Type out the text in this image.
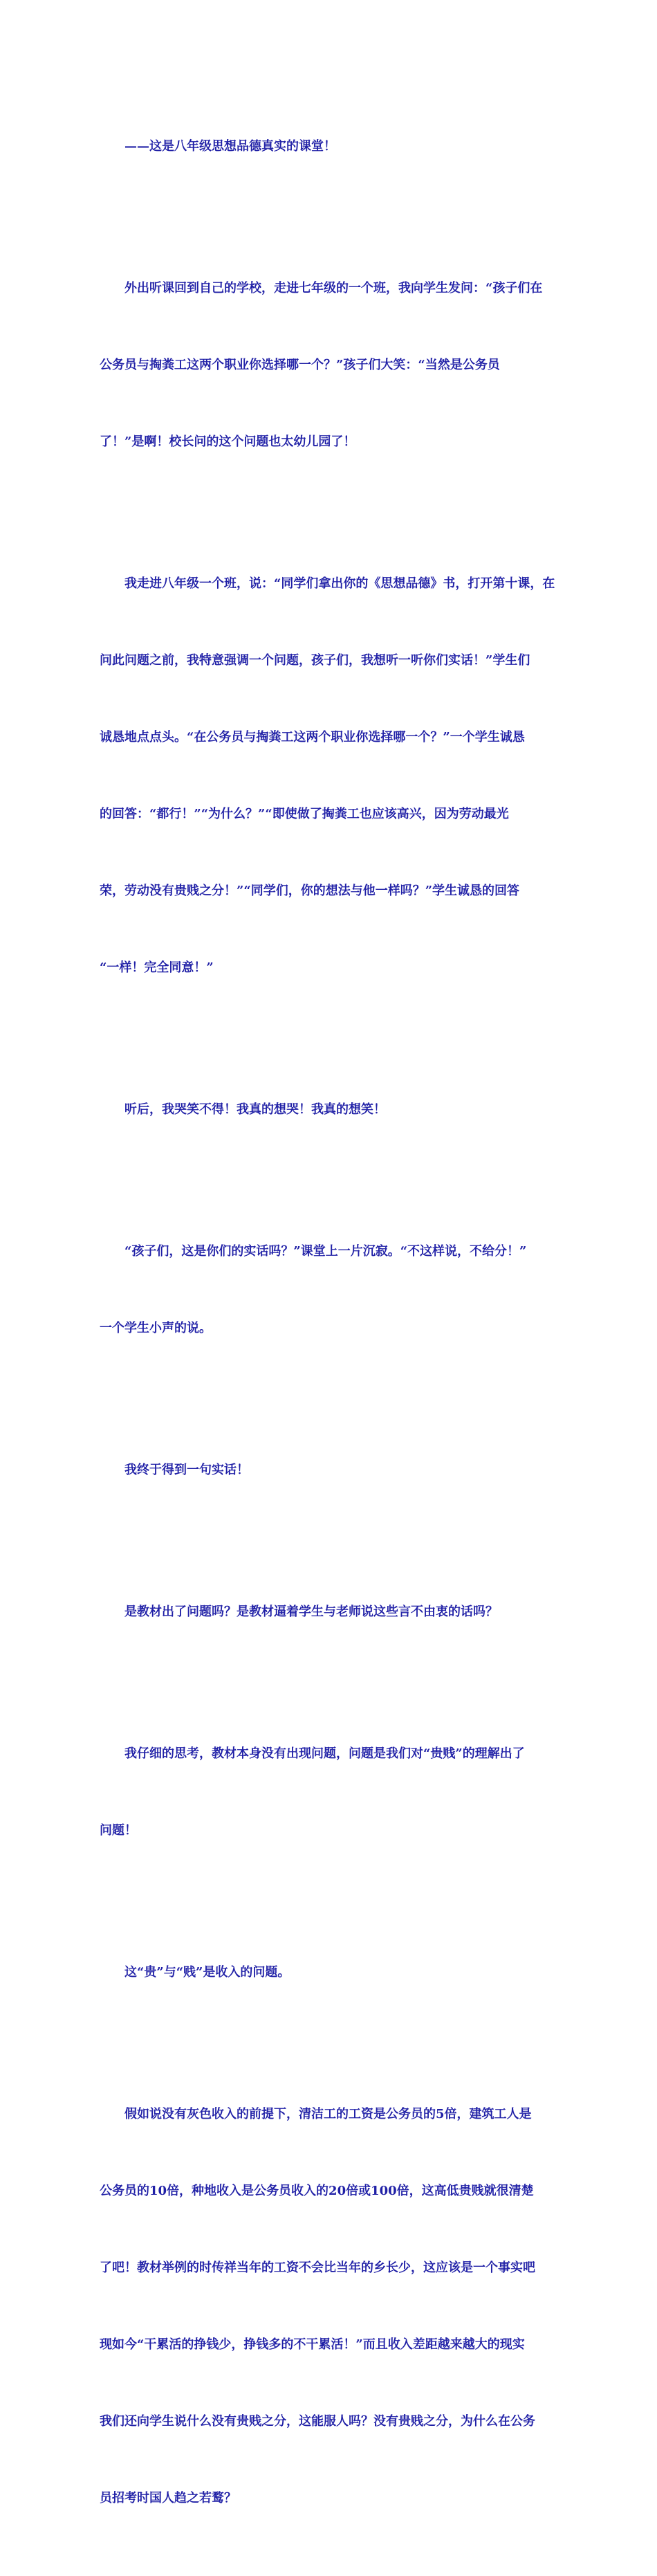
——这是八年级思想品德真实的课堂！

外出听课回到自己的学校，走进七年级的一个班，我向学生发问：“孩子们在

公务员与掏粪工这两个职业你选择哪一个？”孩子们大笑：“当然是公务员

了！”是啊！校长问的这个问题也太幼儿园了！

我走进八年级一个班，说：“同学们拿出你的《思想品德》书，打开第十课，在

问此问题之前，我特意强调一个问题，孩子们，我想听一听你们实话！”学生们

诚恳地点点头。“在公务员与掏粪工这两个职业你选择哪一个？”一个学生诚恳

的回答：“都行！”“为什么？”“即使做了掏粪工也应该高兴，因为劳动最光

荣，劳动没有贵贱之分！”“同学们，你的想法与他一样吗？”学生诚恳的回答

“一样！完全同意！”

听后，我哭笑不得！我真的想哭！我真的想笑！

“孩子们，这是你们的实话吗？”课堂上一片沉寂。“不这样说，不给分！”

一个学生小声的说。

我终于得到一句实话！

是教材出了问题吗？是教材逼着学生与老师说这些言不由衷的话吗？

我仔细的思考，教材本身没有出现问题，问题是我们对“贵贱”的理解出了

问题！

这“贵”与“贱”是收入的问题。

假如说没有灰色收入的前提下，清洁工的工资是公务员的5倍，建筑工人是

公务员的10倍，种地收入是公务员收入的20倍或100倍，这高低贵贱就很清楚

了吧！教材举例的时传祥当年的工资不会比当年的乡长少，这应该是一个事实吧

现如今“干累活的挣钱少，挣钱多的不干累活！”而且收入差距越来越大的现实

我们还向学生说什么没有贵贱之分，这能服人吗？没有贵贱之分，为什么在公务

员招考时国人趋之若鹜？
